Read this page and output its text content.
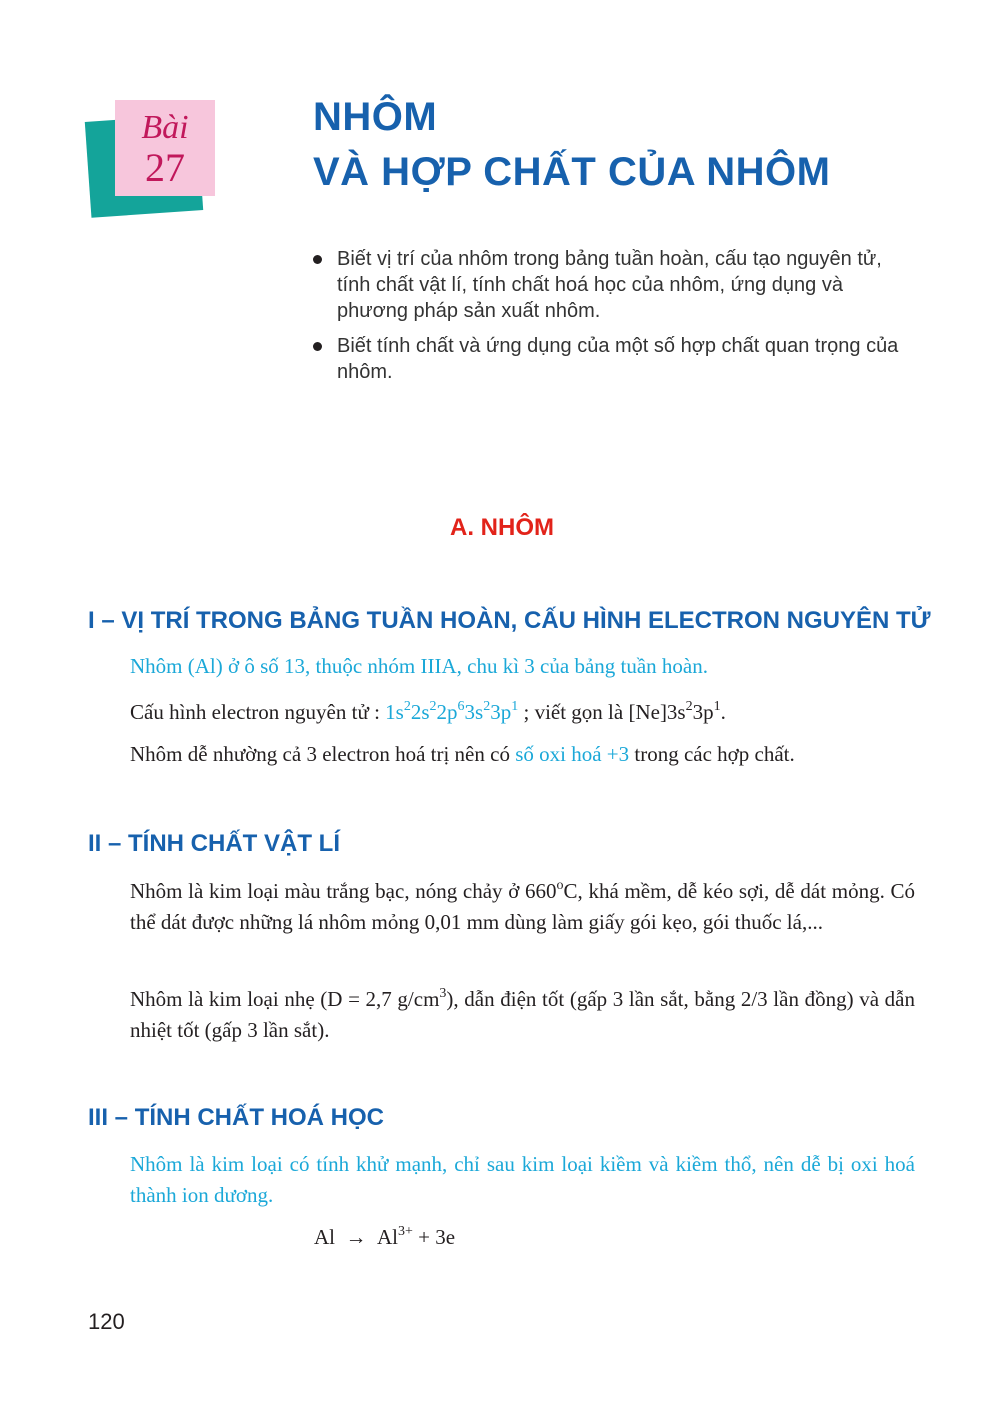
Bài
27
NHÔM
VÀ HỢP CHẤT CỦA NHÔM
Biết vị trí của nhôm trong bảng tuần hoàn, cấu tạo nguyên tử, tính chất vật lí, tính chất hoá học của nhôm, ứng dụng và phương pháp sản xuất nhôm.
Biết tính chất và ứng dụng của một số hợp chất quan trọng của nhôm.
A. NHÔM
I – VỊ TRÍ TRONG BẢNG TUẦN HOÀN, CẤU HÌNH ELECTRON NGUYÊN TỬ

Nhôm (Al) ở ô số 13, thuộc nhóm IIIA, chu kì 3 của bảng tuần hoàn.

Cấu hình electron nguyên tử : $1s^22s^22p^63s^23p^1$ ; viết gọn là $[Ne]3s^23p^1$.

Nhôm dễ nhường cả 3 electron hoá trị nên có số oxi hoá +3 trong các hợp chất.

II – TÍNH CHẤT VẬT LÍ

Nhôm là kim loại màu trắng bạc, nóng chảy ở 660$^o$C, khá mềm, dễ kéo sợi, dễ dát mỏng. Có thể dát được những lá nhôm mỏng 0,01 mm dùng làm giấy gói kẹo, gói thuốc lá,...

Nhôm là kim loại nhẹ (D = 2,7 $g/cm^3$), dẫn điện tốt (gấp 3 lần sắt, bằng 2/3 lần đồng) và dẫn nhiệt tốt (gấp 3 lần sắt).

III – TÍNH CHẤT HOÁ HỌC

Nhôm là kim loại có tính khử mạnh, chỉ sau kim loại kiềm và kiềm thổ, nên dễ bị oxi hoá thành ion dương.

$Al \to Al^{3+} + 3e$
120
